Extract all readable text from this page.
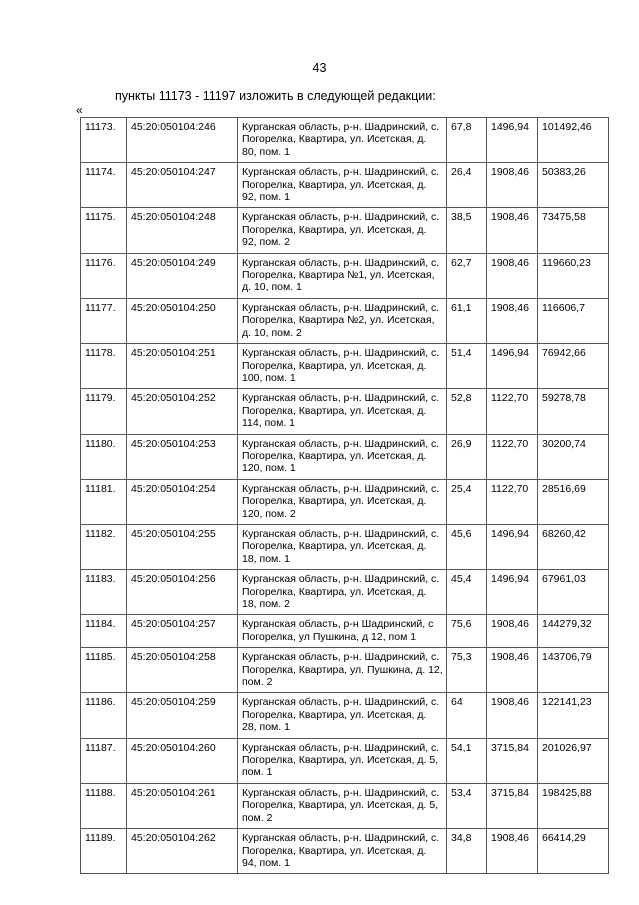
43
пункты 11173 - 11197 изложить в следующей редакции:
«
11173.	45:20:050104:246	Курганская область, р-н. Шадринский, с. Погорелка, Квартира, ул. Исетская, д. 80, пом. 1	67,8	1496,94	101492,46
11174.	45:20:050104:247	Курганская область, р-н. Шадринский, с. Погорелка, Квартира, ул. Исетская, д. 92, пом. 1	26,4	1908,46	50383,26
11175.	45:20:050104:248	Курганская область, р-н. Шадринский, с. Погорелка, Квартира, ул. Исетская, д. 92, пом. 2	38,5	1908,46	73475,58
11176.	45:20:050104:249	Курганская область, р-н. Шадринский, с. Погорелка, Квартира №1, ул. Исетская, д. 10, пом. 1	62,7	1908,46	119660,23
11177.	45:20:050104:250	Курганская область, р-н. Шадринский, с. Погорелка, Квартира №2, ул. Исетская, д. 10, пом. 2	61,1	1908,46	116606,7
11178.	45:20:050104:251	Курганская область, р-н. Шадринский, с. Погорелка, Квартира, ул. Исетская, д. 100, пом. 1	51,4	1496,94	76942,66
11179.	45:20:050104:252	Курганская область, р-н. Шадринский, с. Погорелка, Квартира, ул. Исетская, д. 114, пом. 1	52,8	1122,70	59278,78
11180.	45:20:050104:253	Курганская область, р-н. Шадринский, с. Погорелка, Квартира, ул. Исетская, д. 120, пом. 1	26,9	1122,70	30200,74
11181.	45:20:050104:254	Курганская область, р-н. Шадринский, с. Погорелка, Квартира, ул. Исетская, д. 120, пом. 2	25,4	1122,70	28516,69
11182.	45:20:050104:255	Курганская область, р-н. Шадринский, с. Погорелка, Квартира, ул. Исетская, д. 18, пом. 1	45,6	1496,94	68260,42
11183.	45:20:050104:256	Курганская область, р-н. Шадринский, с. Погорелка, Квартира, ул. Исетская, д. 18, пом. 2	45,4	1496,94	67961,03
11184.	45:20:050104:257	Курганская область, р-н Шадринский, с Погорелка, ул Пушкина, д 12, пом 1	75,6	1908,46	144279,32
11185.	45:20:050104:258	Курганская область, р-н. Шадринский, с. Погорелка, Квартира, ул. Пушкина, д. 12, пом. 2	75,3	1908,46	143706,79
11186.	45:20:050104:259	Курганская область, р-н. Шадринский, с. Погорелка, Квартира, ул. Исетская, д. 28, пом. 1	64	1908,46	122141,23
11187.	45:20:050104:260	Курганская область, р-н. Шадринский, с. Погорелка, Квартира, ул. Исетская, д. 5, пом. 1	54,1	3715,84	201026,97
11188.	45:20:050104:261	Курганская область, р-н. Шадринский, с. Погорелка, Квартира, ул. Исетская, д. 5, пом. 2	53,4	3715,84	198425,88
11189.	45:20:050104:262	Курганская область, р-н. Шадринский, с. Погорелка, Квартира, ул. Исетская, д. 94, пом. 1	34,8	1908,46	66414,29
